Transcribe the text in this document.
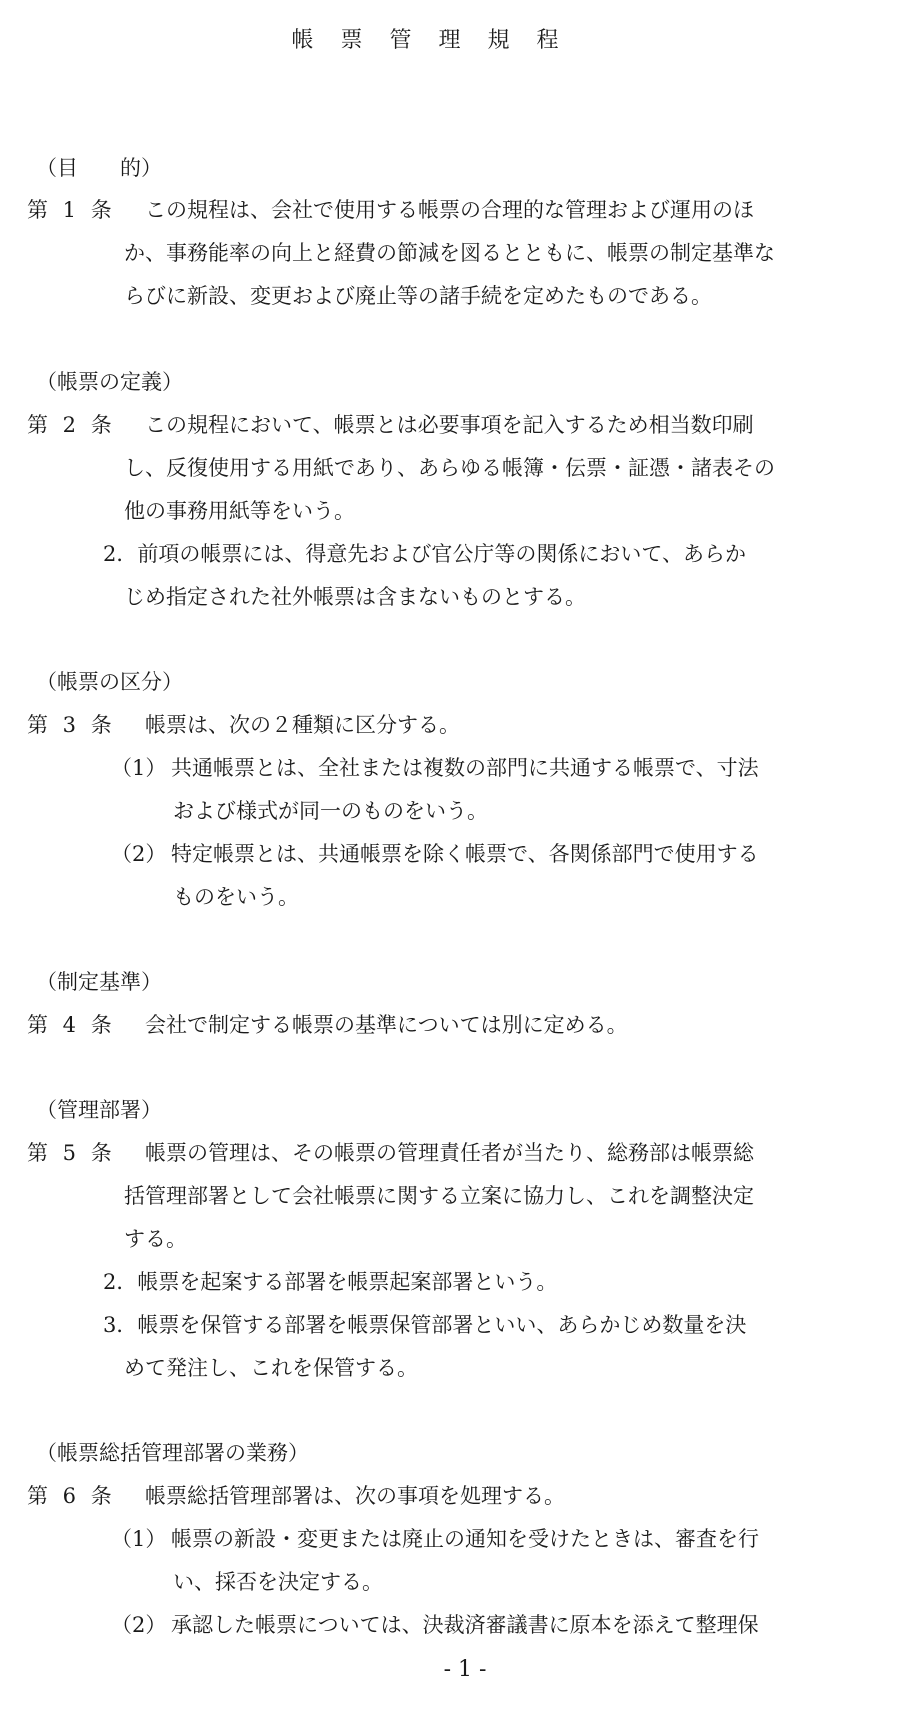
帳 票 管 理 規 程
（目　　的）
第 1 条 この規程は、会社で使用する帳票の合理的な管理および運用のほ
か、事務能率の向上と経費の節減を図るとともに、帳票の制定基準な
らびに新設、変更および廃止等の諸手続を定めたものである。
（帳票の定義）
第 2 条 この規程において、帳票とは必要事項を記入するため相当数印刷
し、反復使用する用紙であり、あらゆる帳簿・伝票・証憑・諸表その
他の事務用紙等をいう。
2．前項の帳票には、得意先および官公庁等の関係において、あらか
じめ指定された社外帳票は含まないものとする。
（帳票の区分）
第 3 条 帳票は、次の２種類に区分する。
（1） 共通帳票とは、全社または複数の部門に共通する帳票で、寸法
および様式が同一のものをいう。
（2） 特定帳票とは、共通帳票を除く帳票で、各関係部門で使用する
ものをいう。
（制定基準）
第 4 条 会社で制定する帳票の基準については別に定める。
（管理部署）
第 5 条 帳票の管理は、その帳票の管理責任者が当たり、総務部は帳票総
括管理部署として会社帳票に関する立案に協力し、これを調整決定
する。
2．帳票を起案する部署を帳票起案部署という。
3．帳票を保管する部署を帳票保管部署といい、あらかじめ数量を決
めて発注し、これを保管する。
（帳票総括管理部署の業務）
第 6 条 帳票総括管理部署は、次の事項を処理する。
（1） 帳票の新設・変更または廃止の通知を受けたときは、審査を行
い、採否を決定する。
（2） 承認した帳票については、決裁済審議書に原本を添えて整理保
- 1 -
